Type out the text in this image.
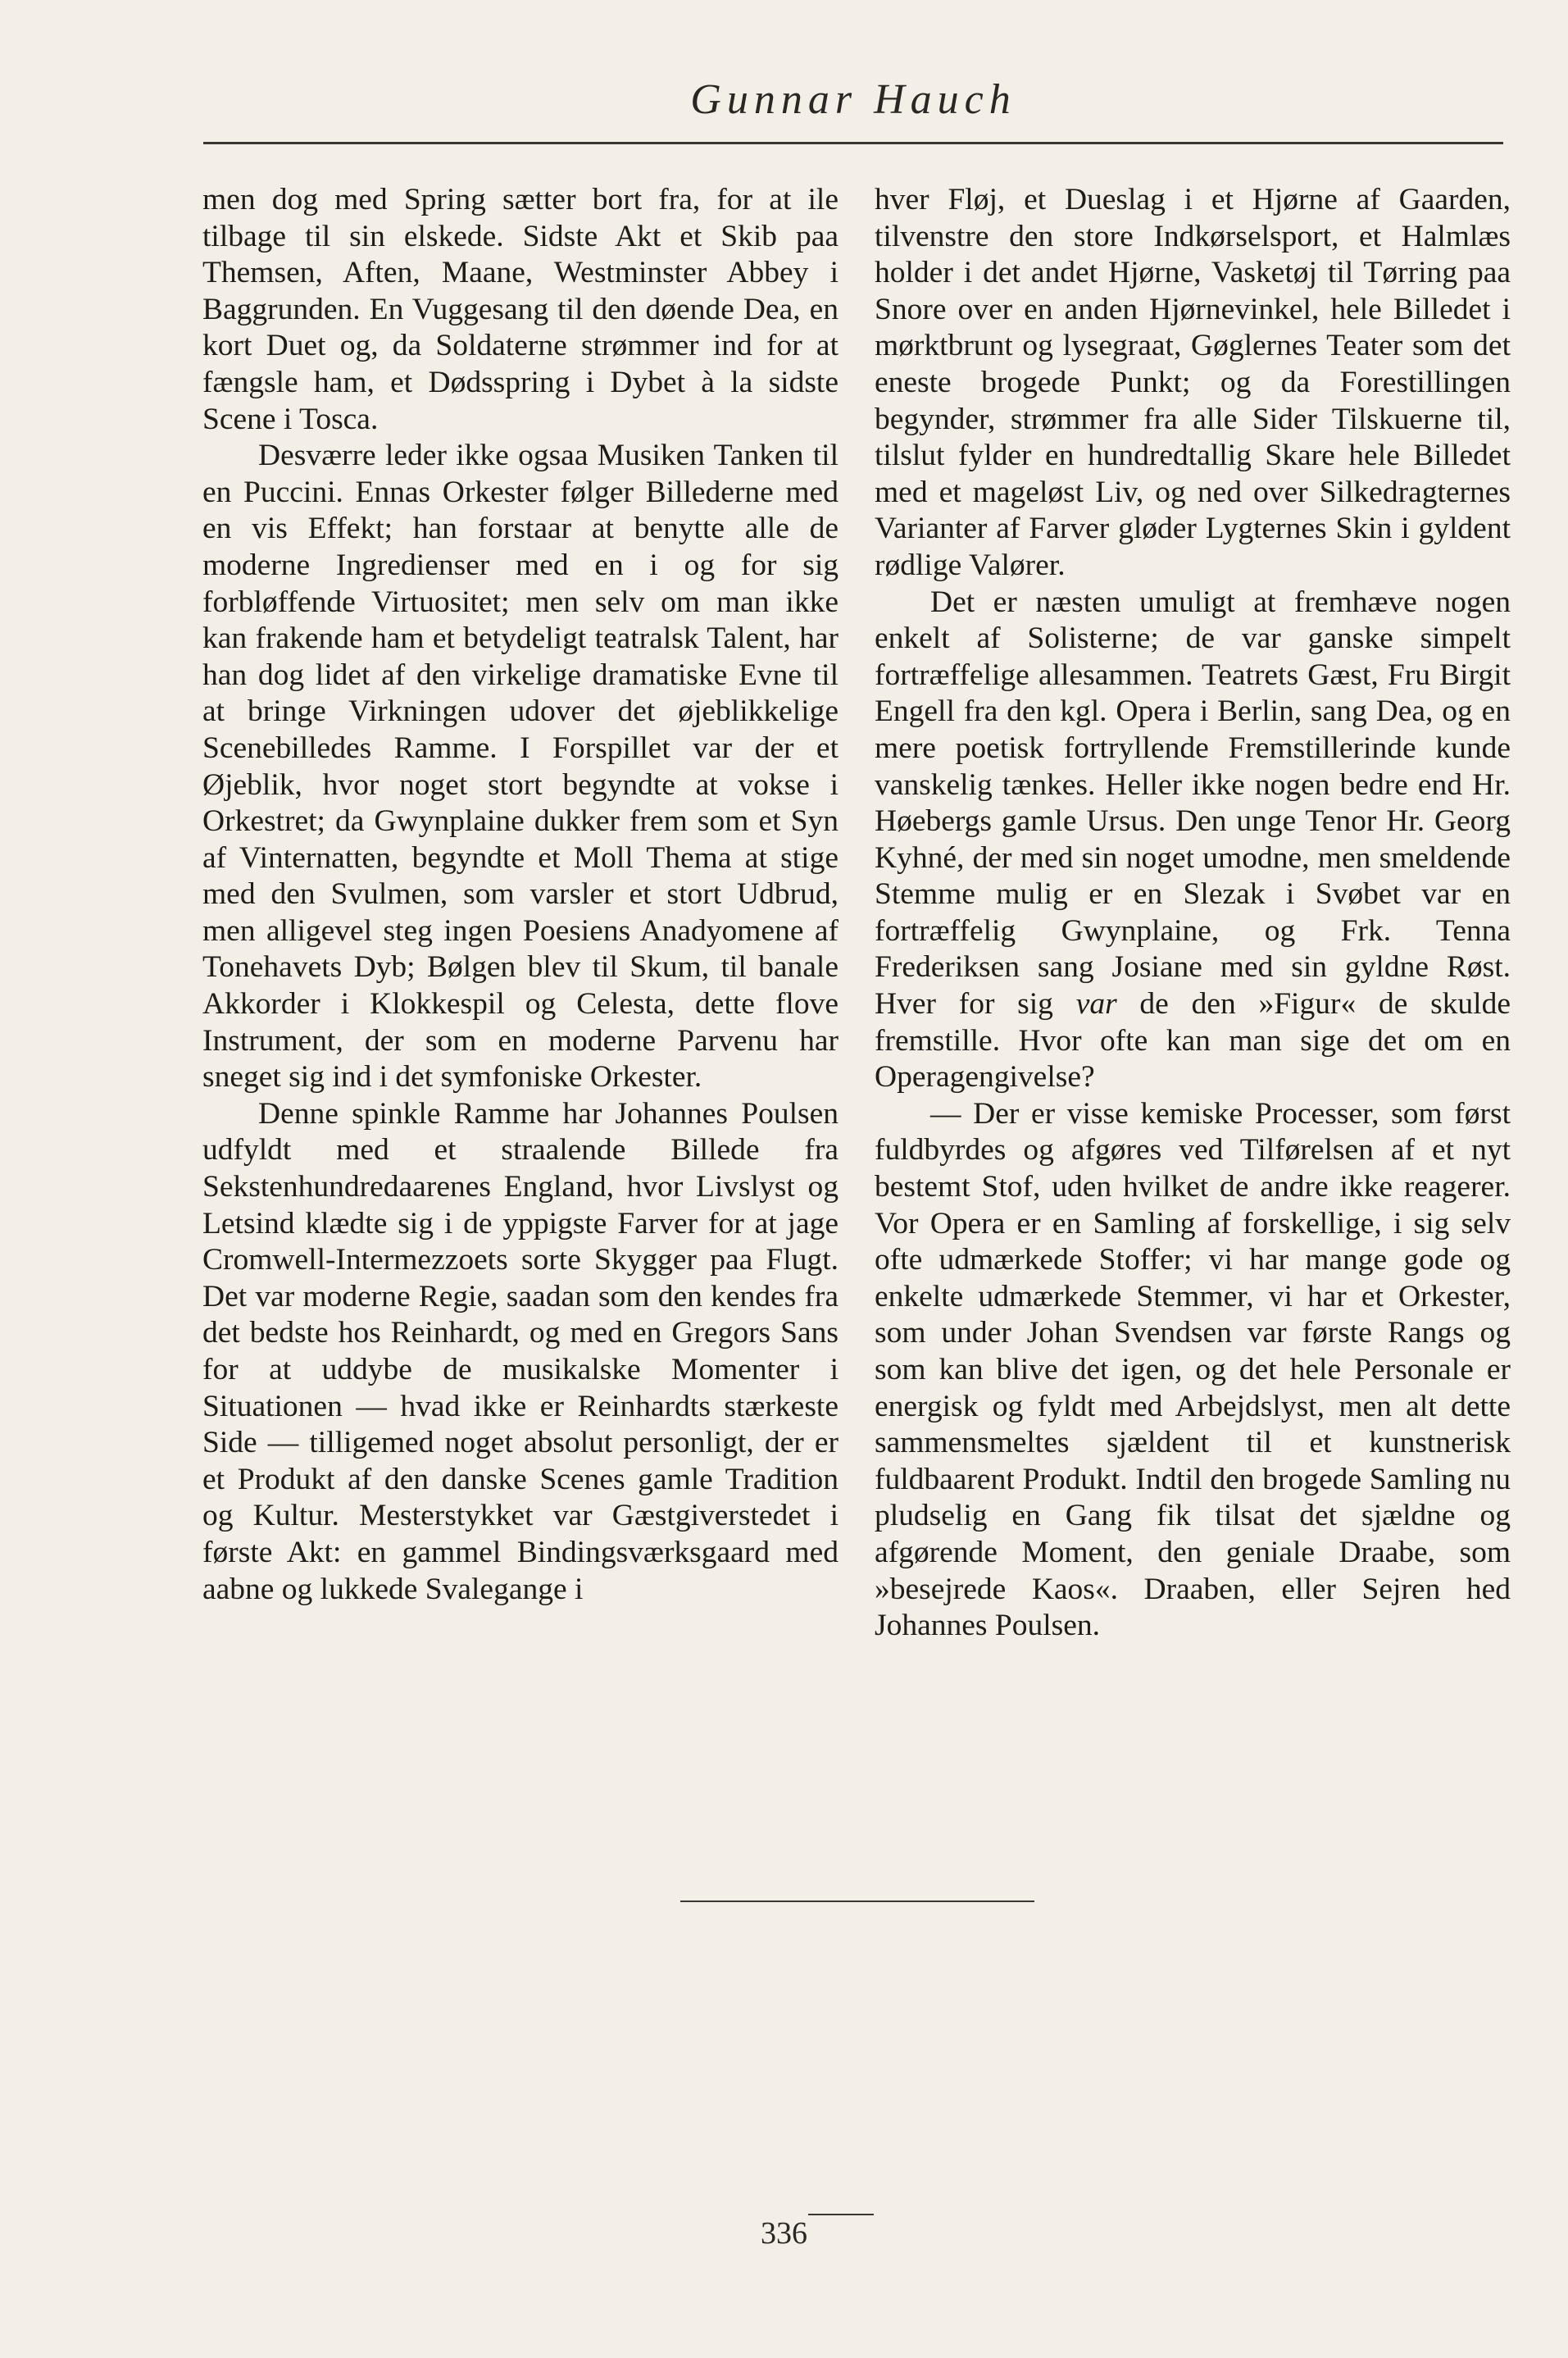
Gunnar Hauch

men dog med Spring sætter bort fra, for at ile tilbage til sin elskede. Sidste Akt et Skib paa Themsen, Aften, Maane, Westminster Abbey i Baggrunden. En Vuggesang til den døende Dea, en kort Duet og, da Soldaterne strømmer ind for at fængsle ham, et Dødsspring i Dybet à la sidste Scene i Tosca.

Desværre leder ikke ogsaa Musiken Tanken til en Puccini. Ennas Orkester følger Billederne med en vis Effekt; han forstaar at benytte alle de moderne Ingredienser med en i og for sig forbløffende Virtuositet; men selv om man ikke kan frakende ham et betydeligt teatralsk Talent, har han dog lidet af den virkelige dramatiske Evne til at bringe Virkningen udover det øjeblikkelige Scenebilledes Ramme. I Forspillet var der et Øjeblik, hvor noget stort begyndte at vokse i Orkestret; da Gwynplaine dukker frem som et Syn af Vinternatten, begyndte et Moll Thema at stige med den Svulmen, som varsler et stort Udbrud, men alligevel steg ingen Poesiens Anadyomene af Tonehavets Dyb; Bølgen blev til Skum, til banale Akkorder i Klokkespil og Celesta, dette flove Instrument, der som en moderne Parvenu har sneget sig ind i det symfoniske Orkester.

Denne spinkle Ramme har Johannes Poulsen udfyldt med et straalende Billede fra Sekstenhundredaarenes England, hvor Livslyst og Letsind klædte sig i de yppigste Farver for at jage Cromwell-Intermezzoets sorte Skygger paa Flugt. Det var moderne Regie, saadan som den kendes fra det bedste hos Reinhardt, og med en Gregors Sans for at uddybe de musikalske Momenter i Situationen — hvad ikke er Reinhardts stærkeste Side — tilligemed noget absolut personligt, der er et Produkt af den danske Scenes gamle Tradition og Kultur. Mesterstykket var Gæstgiverstedet i første Akt: en gammel Bindingsværksgaard med aabne og lukkede Svalegange i

hver Fløj, et Dueslag i et Hjørne af Gaarden, tilvenstre den store Indkørselsport, et Halmlæs holder i det andet Hjørne, Vasketøj til Tørring paa Snore over en anden Hjørnevinkel, hele Billedet i mørktbrunt og lysegraat, Gøglernes Teater som det eneste brogede Punkt; og da Forestillingen begynder, strømmer fra alle Sider Tilskuerne til, tilslut fylder en hundredtallig Skare hele Billedet med et mageløst Liv, og ned over Silkedragternes Varianter af Farver gløder Lygternes Skin i gyldent rødlige Valører.

Det er næsten umuligt at fremhæve nogen enkelt af Solisterne; de var ganske simpelt fortræffelige allesammen. Teatrets Gæst, Fru Birgit Engell fra den kgl. Opera i Berlin, sang Dea, og en mere poetisk fortryllende Fremstillerinde kunde vanskelig tænkes. Heller ikke nogen bedre end Hr. Høebergs gamle Ursus. Den unge Tenor Hr. Georg Kyhné, der med sin noget umodne, men smeldende Stemme mulig er en Slezak i Svøbet var en fortræffelig Gwynplaine, og Frk. Tenna Frederiksen sang Josiane med sin gyldne Røst. Hver for sig var de den »Figur« de skulde fremstille. Hvor ofte kan man sige det om en Operagengivelse?

— Der er visse kemiske Processer, som først fuldbyrdes og afgøres ved Tilførelsen af et nyt bestemt Stof, uden hvilket de andre ikke reagerer. Vor Opera er en Samling af forskellige, i sig selv ofte udmærkede Stoffer; vi har mange gode og enkelte udmærkede Stemmer, vi har et Orkester, som under Johan Svendsen var første Rangs og som kan blive det igen, og det hele Personale er energisk og fyldt med Arbejdslyst, men alt dette sammensmeltes sjældent til et kunstnerisk fuldbaarent Produkt. Indtil den brogede Samling nu pludselig en Gang fik tilsat det sjældne og afgørende Moment, den geniale Draabe, som »besejrede Kaos«. Draaben, eller Sejren hed Johannes Poulsen.

336
